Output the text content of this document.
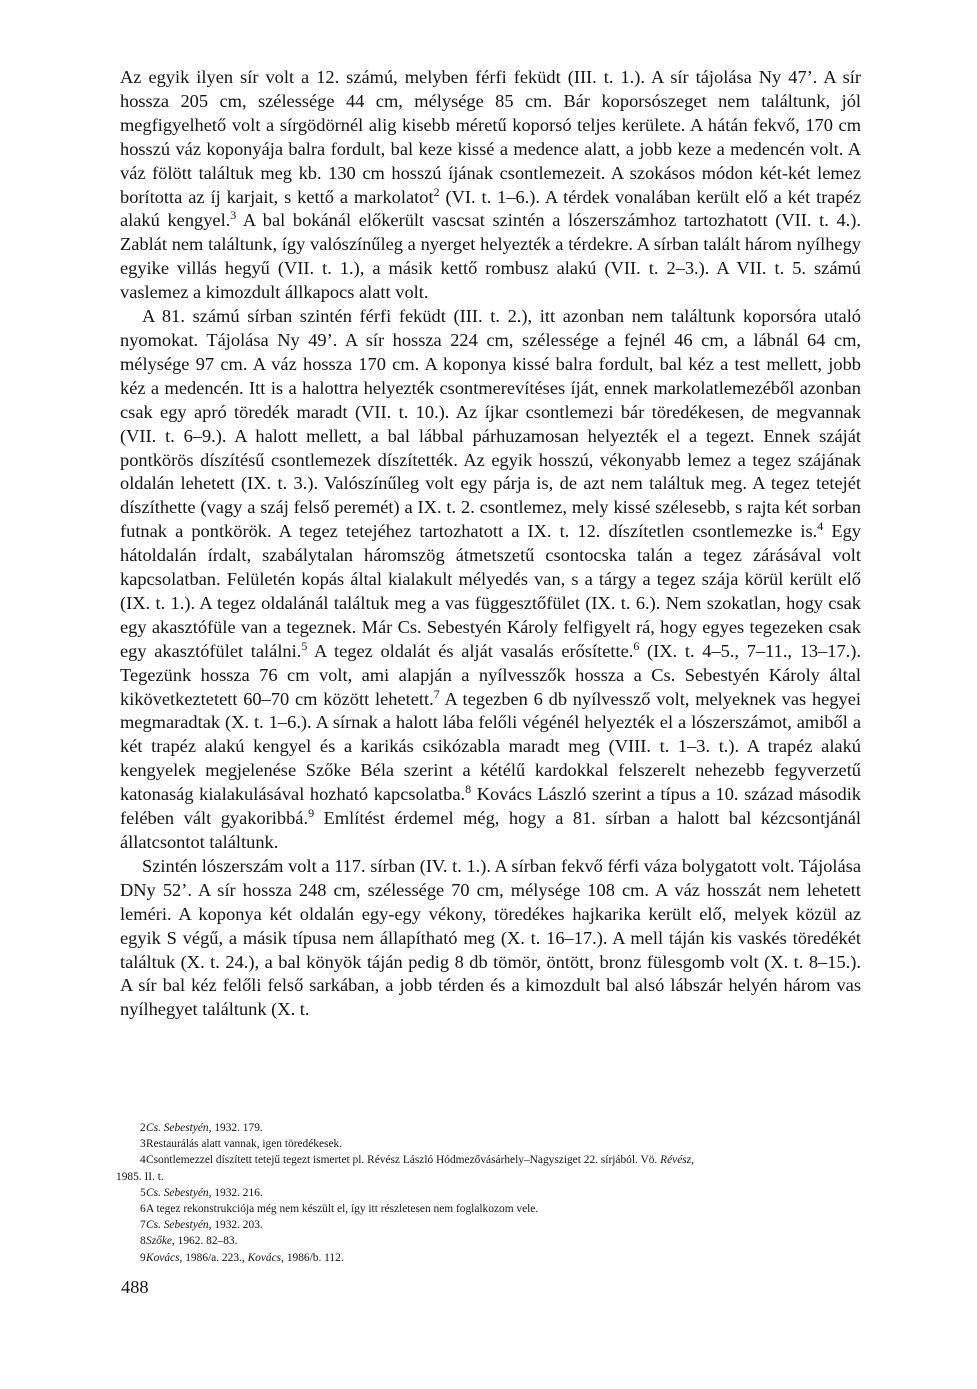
Az egyik ilyen sír volt a 12. számú, melyben férfi feküdt (III. t. 1.). A sír tájolása Ny 47’. A sír hossza 205 cm, szélessége 44 cm, mélysége 85 cm. Bár koporsószeget nem találtunk, jól megfigyelhető volt a sírgödörnél alig kisebb méretű koporsó teljes kerülete. A hátán fekvő, 170 cm hosszú váz koponyája balra fordult, bal keze kissé a medence alatt, a jobb keze a medencén volt. A váz fölött találtuk meg kb. 130 cm hosszú íjának csontlemezeit. A szokásos módon két-két lemez borította az íj karjait, s kettő a markolatot$^2$ (VI. t. 1–6.). A térdek vonalában került elő a két trapéz alakú kengyel.$^3$ A bal bokánál előkerült vascsat szintén a lószerszámhoz tartozhatott (VII. t. 4.). Zablát nem találtunk, így valószínűleg a nyerget helyezték a térdekre. A sírban talált három nyílhegy egyike villás hegyű (VII. t. 1.), a másik kettő rombusz alakú (VII. t. 2–3.). A VII. t. 5. számú vaslemez a kimozdult állkapocs alatt volt.

A 81. számú sírban szintén férfi feküdt (III. t. 2.), itt azonban nem találtunk koporsóra utaló nyomokat. Tájolása Ny 49’. A sír hossza 224 cm, szélessége a fejnél 46 cm, a lábnál 64 cm, mélysége 97 cm. A váz hossza 170 cm. A koponya kissé balra fordult, bal kéz a test mellett, jobb kéz a medencén. Itt is a halottra helyezték csontmerevítéses íját, ennek markolatlemezéből azonban csak egy apró töredék maradt (VII. t. 10.). Az íjkar csontlemezi bár töredékesen, de megvannak (VII. t. 6–9.). A halott mellett, a bal lábbal párhuzamosan helyezték el a tegezt. Ennek száját pontkörös díszítésű csontlemezek díszítették. Az egyik hosszú, vékonyabb lemez a tegez szájának oldalán lehetett (IX. t. 3.). Valószínűleg volt egy párja is, de azt nem találtuk meg. A tegez tetejét díszíthette (vagy a száj felső peremét) a IX. t. 2. csontlemez, mely kissé szélesebb, s rajta két sorban futnak a pontkörök. A tegez tetejéhez tartozhatott a IX. t. 12. díszítetlen csontlemezke is.$^4$ Egy hátoldalán írdalt, szabálytalan háromszög átmetszetű csontocska talán a tegez zárásával volt kapcsolatban. Felületén kopás által kialakult mélyedés van, s a tárgy a tegez szája körül került elő (IX. t. 1.). A tegez oldalánál találtuk meg a vas függesztőfület (IX. t. 6.). Nem szokatlan, hogy csak egy akasztófüle van a tegeznek. Már Cs. Sebestyén Károly felfigyelt rá, hogy egyes tegezeken csak egy akasztófület találni.$^5$ A tegez oldalát és alját vasalás erősítette.$^6$ (IX. t. 4–5., 7–11., 13–17.). Tegezünk hossza 76 cm volt, ami alapján a nyílvesszők hossza a Cs. Sebestyén Károly által kikövetkeztetett 60–70 cm között lehetett.$^7$ A tegezben 6 db nyílvessző volt, melyeknek vas hegyei megmaradtak (X. t. 1–6.). A sírnak a halott lába felőli végénél helyezték el a lószerszámot, amiből a két trapéz alakú kengyel és a karikás csikózabla maradt meg (VIII. t. 1–3. t.). A trapéz alakú kengyelek megjelenése Szőke Béla szerint a kétélű kardokkal felszerelt nehezebb fegyverzetű katonaság kialakulásával hozható kapcsolatba.$^8$ Kovács László szerint a típus a 10. század második felében vált gyakoribbá.$^9$ Említést érdemel még, hogy a 81. sírban a halott bal kézcsontjánál állatcsontot találtunk.

Szintén lószerszám volt a 117. sírban (IV. t. 1.). A sírban fekvő férfi váza bolygatott volt. Tájolása DNy 52’. A sír hossza 248 cm, szélessége 70 cm, mélysége 108 cm. A váz hosszát nem lehetett leméri. A koponya két oldalán egy-egy vékony, töredékes hajkarika került elő, melyek közül az egyik S végű, a másik típusa nem állapítható meg (X. t. 16–17.). A mell táján kis vaskés töredékét találtuk (X. t. 24.), a bal könyök táján pedig 8 db tömör, öntött, bronz fülesgomb volt (X. t. 8–15.). A sír bal kéz felőli felső sarkában, a jobb térden és a kimozdult bal alsó lábszár helyén három vas nyílhegyet találtunk (X. t.

2 Cs. Sebestyén, 1932. 179.
3 Restaurálás alatt vannak, igen töredékesek.
4 Csontlemezzel díszített tetejű tegezt ismertet pl. Révész László Hódmezővásárhely–Nagysziget 22. sírjából. Vö. Révész,
1985. II. t.
5 Cs. Sebestyén, 1932. 216.
6 A tegez rekonstrukciója még nem készült el, így itt részletesen nem foglalkozom vele.
7 Cs. Sebestyén, 1932. 203.
8 Szőke, 1962. 82–83.
9 Kovács, 1986/a. 223., Kovács, 1986/b. 112.
488
